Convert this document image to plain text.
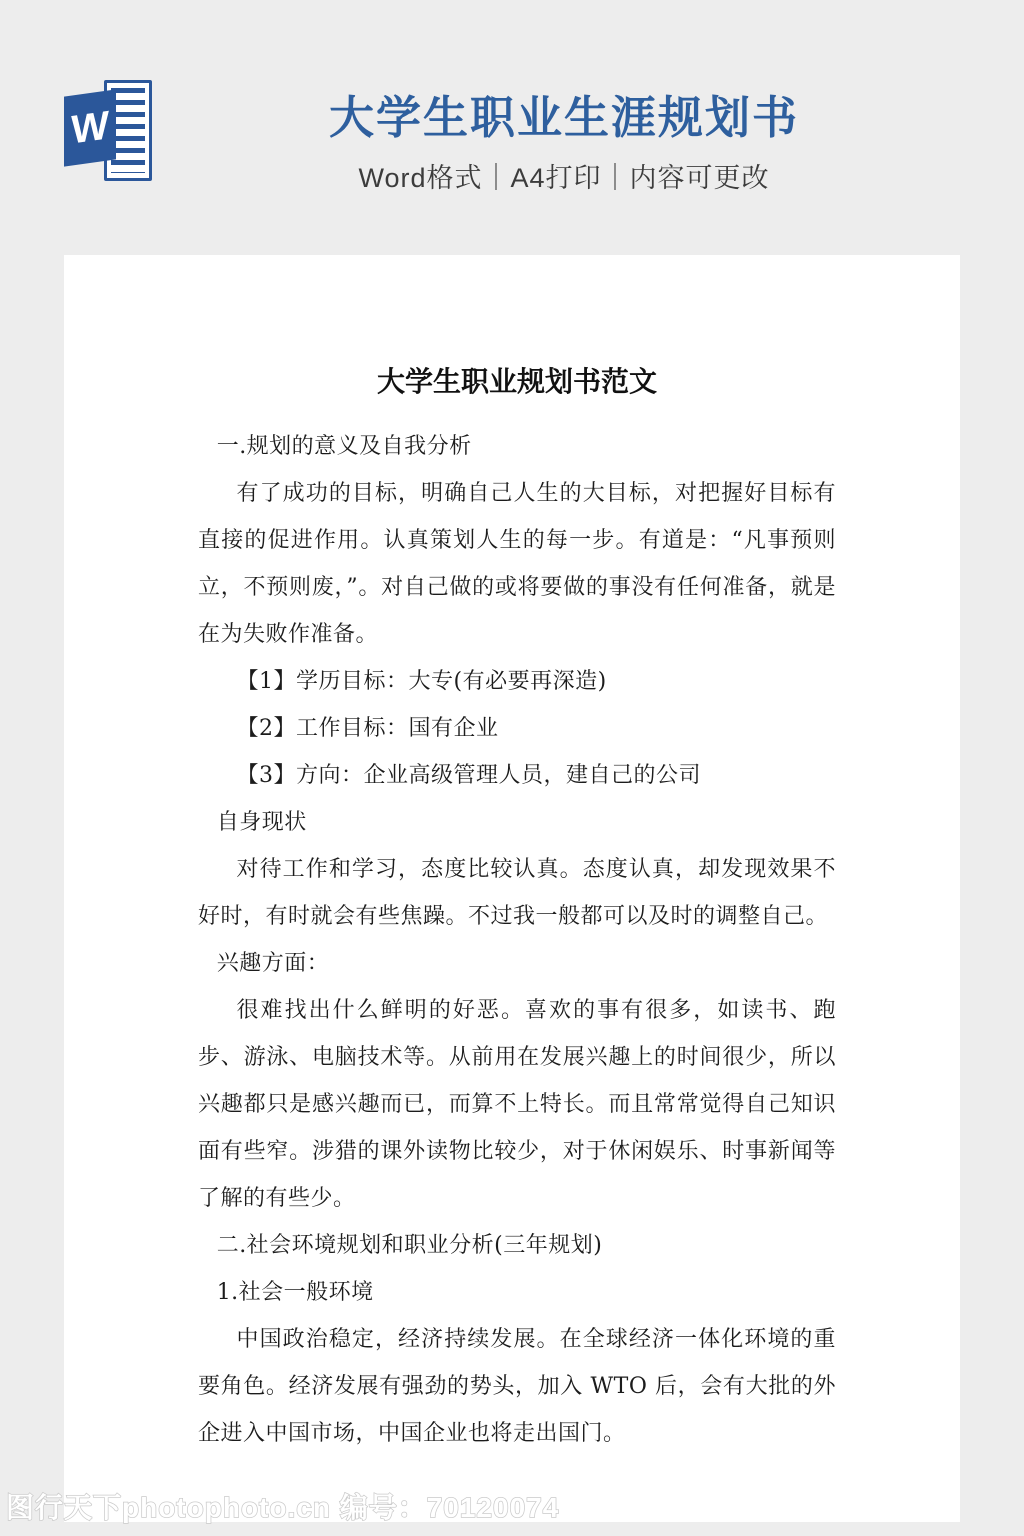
W	大学生职业生涯规划书

Word格式｜A4打印｜内容可更改

大学生职业规划书范文

一.规划的意义及自我分析

有了成功的目标，明确自己人生的大目标，对把握好目标有直接的促进作用。认真策划人生的每一步。有道是：“凡事预则立，不预则废，”。对自己做的或将要做的事没有任何准备，就是在为失败作准备。

【1】学历目标：大专(有必要再深造)

【2】工作目标：国有企业

【3】方向：企业高级管理人员，建自己的公司

自身现状

对待工作和学习，态度比较认真。态度认真，却发现效果不好时，有时就会有些焦躁。不过我一般都可以及时的调整自己。

兴趣方面：

很难找出什么鲜明的好恶。喜欢的事有很多，如读书、跑步、游泳、电脑技术等。从前用在发展兴趣上的时间很少，所以兴趣都只是感兴趣而已，而算不上特长。而且常常觉得自己知识面有些窄。涉猎的课外读物比较少，对于休闲娱乐、时事新闻等了解的有些少。

二.社会环境规划和职业分析(三年规划)

1.社会一般环境

中国政治稳定，经济持续发展。在全球经济一体化环境的重要角色。经济发展有强劲的势头，加入 WTO 后，会有大批的外企进入中国市场，中国企业也将走出国门。

图行天下photophoto.cn 编号：70120074
